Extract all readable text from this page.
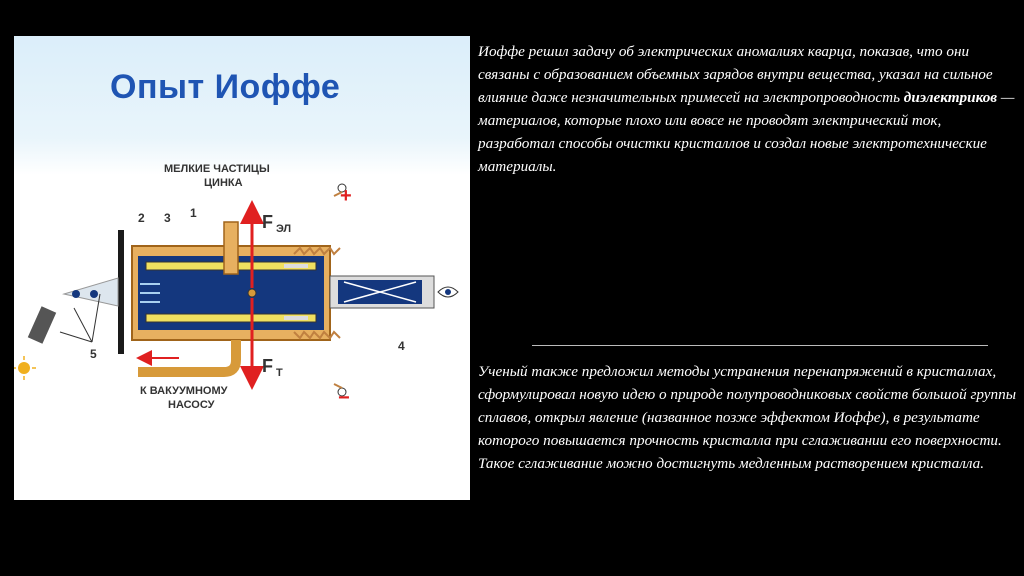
Опыт Иоффе
МЕЛКИЕ ЧАСТИЦЫ
ЦИНКА
К ВАКУУМНОМУ
НАСОСУ
1
2 3
4
5
F ЭЛ
F Т
+
−

Иоффе решил задачу об электрических аномалиях кварца, показав, что они связаны с образованием объемных зарядов внутри вещества, указал на сильное влияние даже незначительных примесей на электропроводность диэлектриков — материалов, которые плохо или вовсе не проводят электрический ток, разработал способы очистки кристаллов и создал новые электротехнические материалы.

Ученый также предложил методы устранения перенапряжений в кристаллах, сформулировал новую идею о природе полупроводниковых свойств большой группы сплавов, открыл явление (названное позже эффектом Иоффе), в результате которого повышается прочность кристалла при сглаживании его поверхности. Такое сглаживание можно достигнуть медленным растворением кристалла.
